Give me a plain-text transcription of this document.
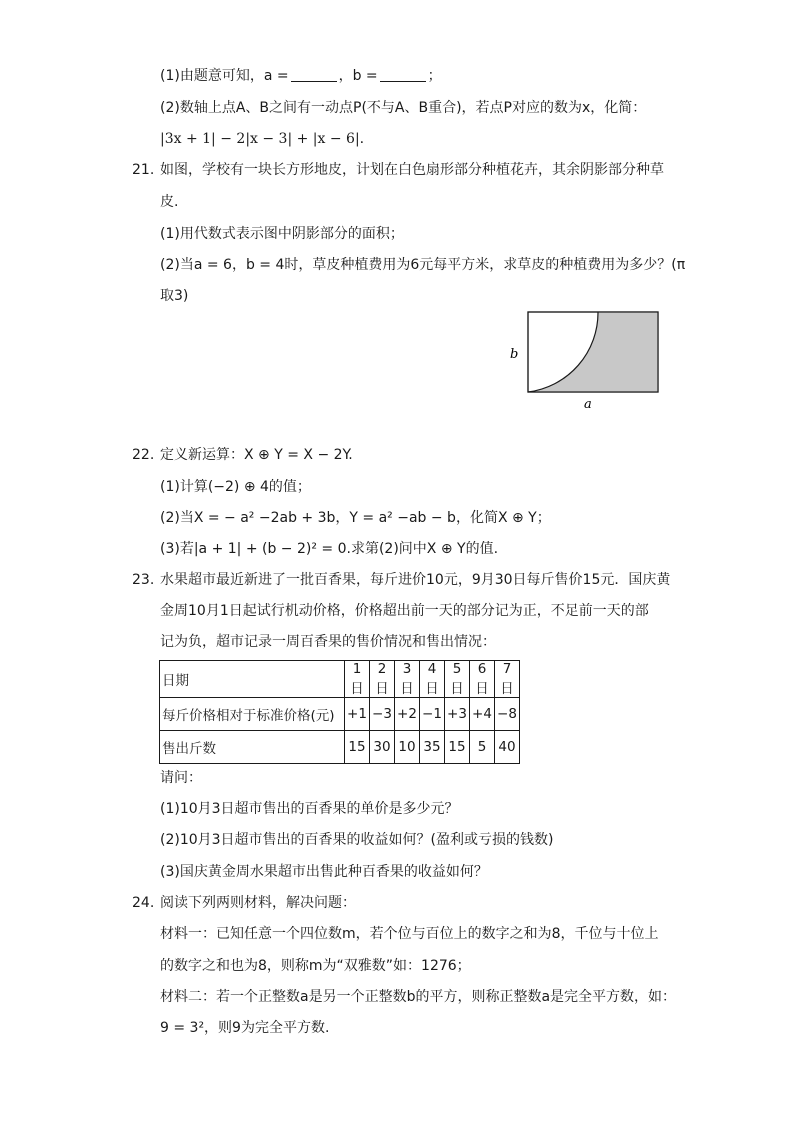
(1)由题意可知，a =	，b =	；
(2)数轴上点A、B之间有一动点P(不与A、B重合)，若点P对应的数为x，化简：
|3x + 1| − 2|x − 3| + |x − 6|.
21. 如图，学校有一块长方形地皮，计划在白色扇形部分种植花卉，其余阴影部分种草
皮.
(1)用代数式表示图中阴影部分的面积；
(2)当a = 6，b = 4时，草皮种植费用为6元每平方米，求草皮的种植费用为多少？(π
取3)
b
a
22. 定义新运算：X ⊕ Y = X − 2Y.
(1)计算(−2) ⊕ 4的值；
(2)当X = − a² −2ab + 3b，Y = a² −ab − b，化简X ⊕ Y；
(3)若|a + 1| + (b − 2)² = 0.求第(2)问中X ⊕ Y的值.
23. 水果超市最近新进了一批百香果，每斤进价10元，9月30日每斤售价15元．国庆黄
金周10月1日起试行机动价格，价格超出前一天的部分记为正，不足前一天的部
记为负，超市记录一周百香果的售价情况和售出情况：
日期	1日	2日	3日	4日	5日	6日	7日
每斤价格相对于标准价格(元)	+1	−3	+2	−1	+3	+4	−8
售出斤数	15	30	10	35	15	5	40
请问：
(1)10月3日超市售出的百香果的单价是多少元？
(2)10月3日超市售出的百香果的收益如何？(盈利或亏损的钱数)
(3)国庆黄金周水果超市出售此种百香果的收益如何？
24. 阅读下列两则材料，解决问题：
材料一：已知任意一个四位数m，若个位与百位上的数字之和为8，千位与十位上
的数字之和也为8，则称m为“双雅数”如：1276；
材料二：若一个正整数a是另一个正整数b的平方，则称正整数a是完全平方数，如：
9 = 3²，则9为完全平方数.
